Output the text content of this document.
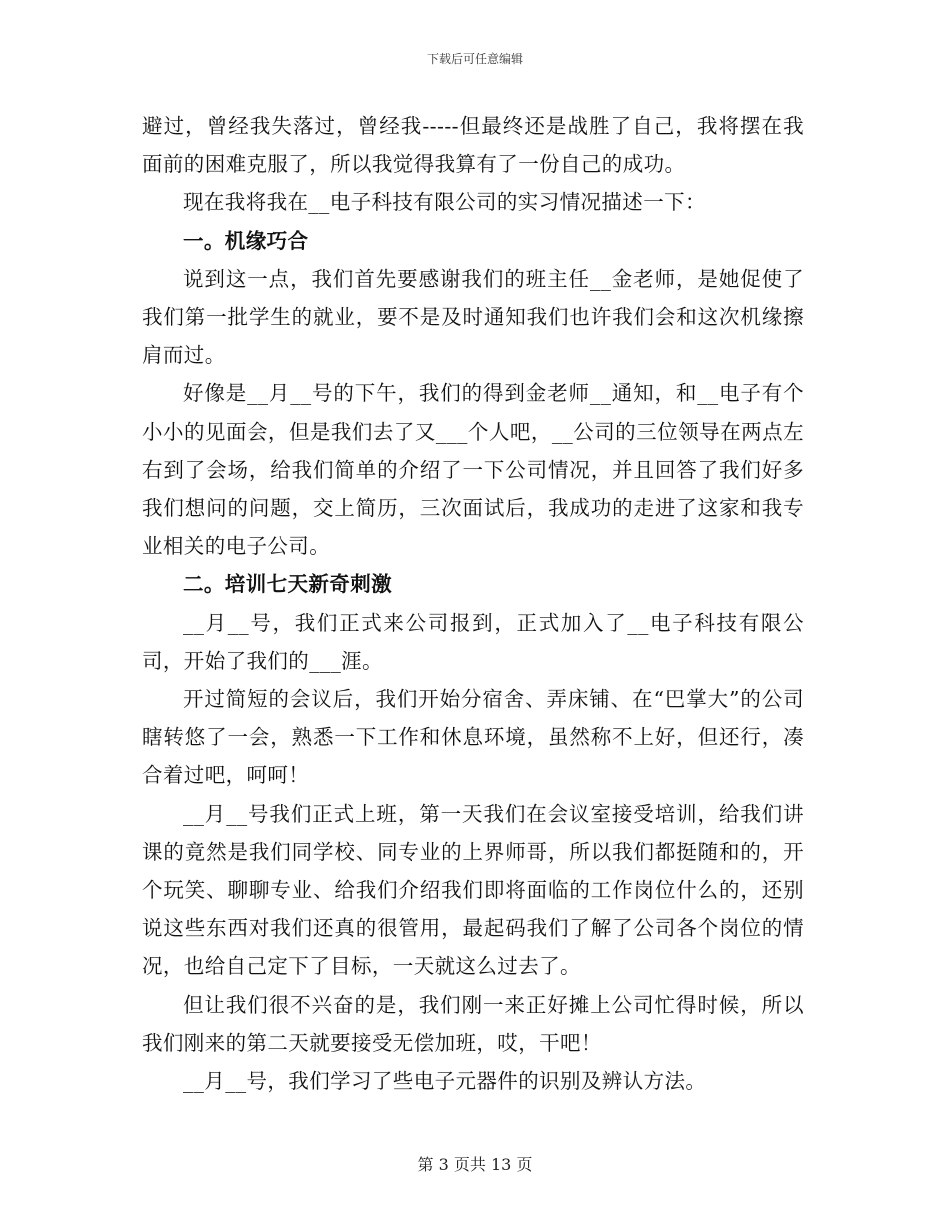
下载后可任意编辑

避过，曾经我失落过，曾经我-----但最终还是战胜了自己，我将摆在我面前的困难克服了，所以我觉得我算有了一份自己的成功。

现在我将我在__电子科技有限公司的实习情况描述一下：

一。机缘巧合

说到这一点，我们首先要感谢我们的班主任__金老师，是她促使了我们第一批学生的就业，要不是及时通知我们也许我们会和这次机缘擦肩而过。

好像是__月__号的下午，我们的得到金老师__通知，和__电子有个小小的见面会，但是我们去了又___个人吧，__公司的三位领导在两点左右到了会场，给我们简单的介绍了一下公司情况，并且回答了我们好多我们想问的问题，交上简历，三次面试后，我成功的走进了这家和我专业相关的电子公司。

二。培训七天新奇刺激

__月__号，我们正式来公司报到，正式加入了__电子科技有限公司，开始了我们的___涯。

开过简短的会议后，我们开始分宿舍、弄床铺、在“巴掌大”的公司瞎转悠了一会，熟悉一下工作和休息环境，虽然称不上好，但还行，凑合着过吧，呵呵！

__月__号我们正式上班，第一天我们在会议室接受培训，给我们讲课的竟然是我们同学校、同专业的上界师哥，所以我们都挺随和的，开个玩笑、聊聊专业、给我们介绍我们即将面临的工作岗位什么的，还别说这些东西对我们还真的很管用，最起码我们了解了公司各个岗位的情况，也给自己定下了目标，一天就这么过去了。

但让我们很不兴奋的是，我们刚一来正好摊上公司忙得时候，所以我们刚来的第二天就要接受无偿加班，哎，干吧！

__月__号，我们学习了些电子元器件的识别及辨认方法。

第 3 页共 13 页
